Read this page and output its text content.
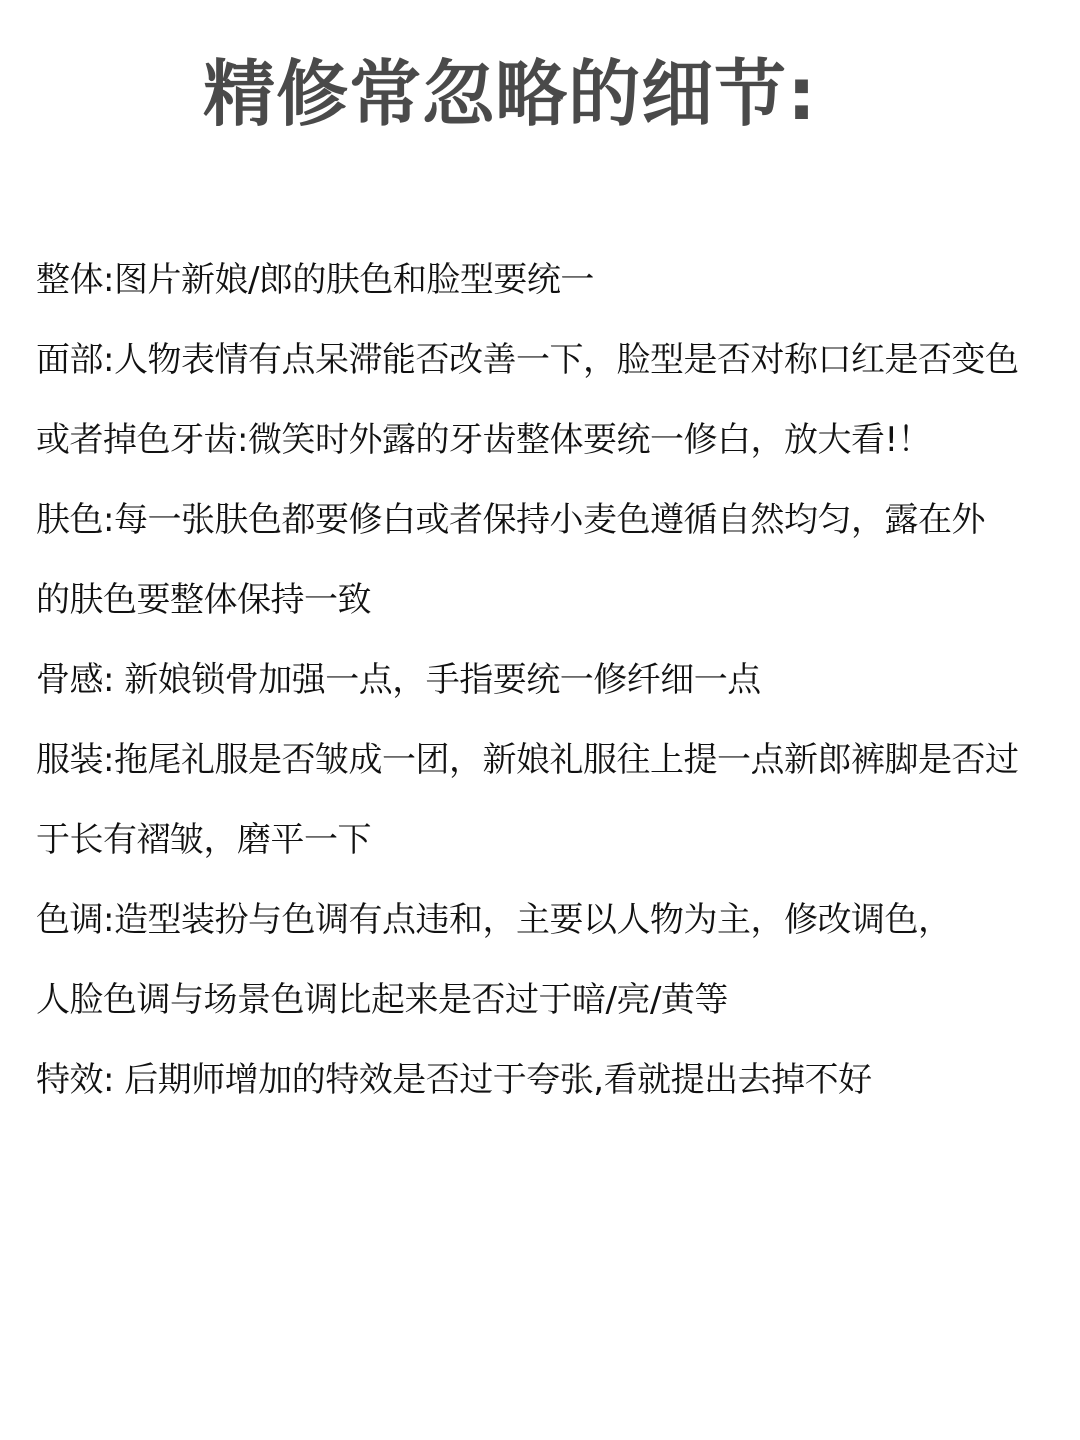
精修常忽略的细节:
整体:图片新娘/郎的肤色和脸型要统一
面部:人物表情有点呆滞能否改善一下，脸型是否对称口红是否变色
或者掉色牙齿:微笑时外露的牙齿整体要统一修白，放大看!！
肤色:每一张肤色都要修白或者保持小麦色遵循自然均匀，露在外
的肤色要整体保持一致
骨感: 新娘锁骨加强一点，手指要统一修纤细一点
服装:拖尾礼服是否皱成一团，新娘礼服往上提一点新郎裤脚是否过
于长有褶皱，磨平一下
色调:造型装扮与色调有点违和，主要以人物为主，修改调色，
人脸色调与场景色调比起来是否过于暗/亮/黄等
特效: 后期师增加的特效是否过于夸张,看就提出去掉不好
